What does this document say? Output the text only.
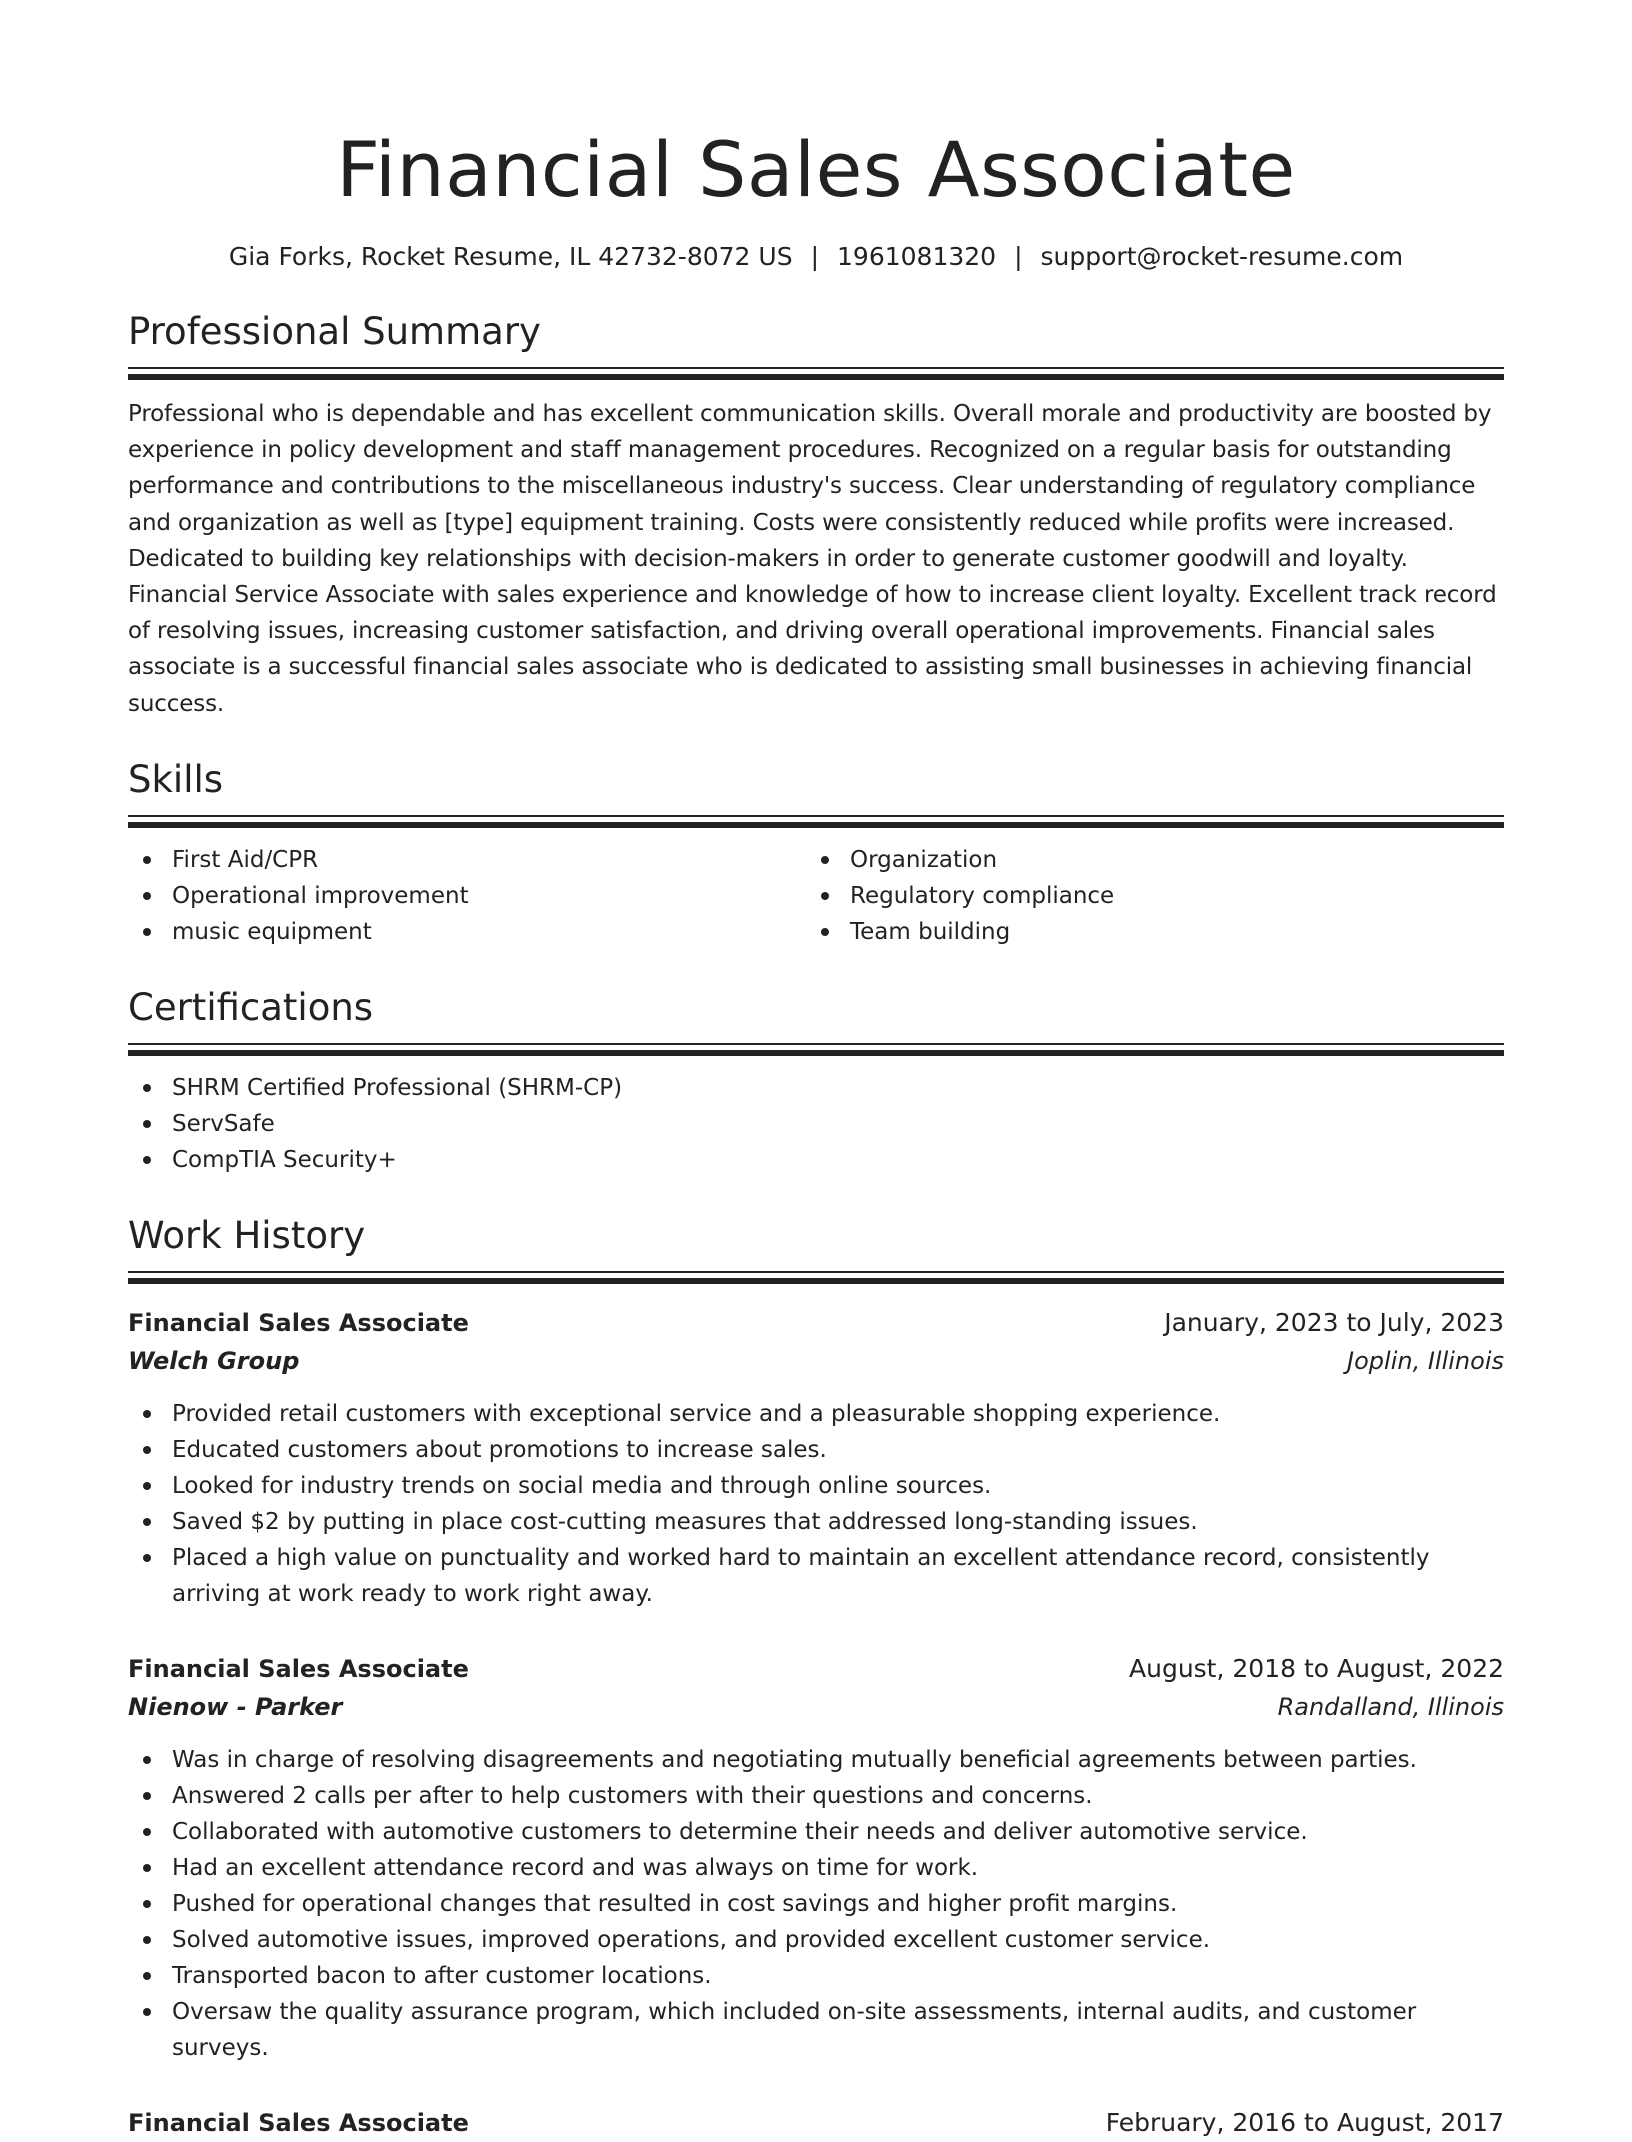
Financial Sales Associate
Gia Forks, Rocket Resume, IL 42732-8072 US | 1961081320 | support@rocket-resume.com
Professional Summary
Professional who is dependable and has excellent communication skills. Overall morale and productivity are boosted by experience in policy development and staff management procedures. Recognized on a regular basis for outstanding performance and contributions to the miscellaneous industry's success. Clear understanding of regulatory compliance and organization as well as [type] equipment training. Costs were consistently reduced while profits were increased. Dedicated to building key relationships with decision-makers in order to generate customer goodwill and loyalty. Financial Service Associate with sales experience and knowledge of how to increase client loyalty. Excellent track record of resolving issues, increasing customer satisfaction, and driving overall operational improvements. Financial sales associate is a successful financial sales associate who is dedicated to assisting small businesses in achieving financial success.
Skills
First Aid/CPR
Operational improvement
music equipment
Organization
Regulatory compliance
Team building
Certifications
SHRM Certified Professional (SHRM-CP)
ServSafe
CompTIA Security+
Work History
Financial Sales Associate	January, 2023 to July, 2023
Welch Group	Joplin, Illinois
Provided retail customers with exceptional service and a pleasurable shopping experience.
Educated customers about promotions to increase sales.
Looked for industry trends on social media and through online sources.
Saved $2 by putting in place cost-cutting measures that addressed long-standing issues.
Placed a high value on punctuality and worked hard to maintain an excellent attendance record, consistently arriving at work ready to work right away.
Financial Sales Associate	August, 2018 to August, 2022
Nienow - Parker	Randalland, Illinois
Was in charge of resolving disagreements and negotiating mutually beneficial agreements between parties.
Answered 2 calls per after to help customers with their questions and concerns.
Collaborated with automotive customers to determine their needs and deliver automotive service.
Had an excellent attendance record and was always on time for work.
Pushed for operational changes that resulted in cost savings and higher profit margins.
Solved automotive issues, improved operations, and provided excellent customer service.
Transported bacon to after customer locations.
Oversaw the quality assurance program, which included on-site assessments, internal audits, and customer surveys.
Financial Sales Associate	February, 2016 to August, 2017
